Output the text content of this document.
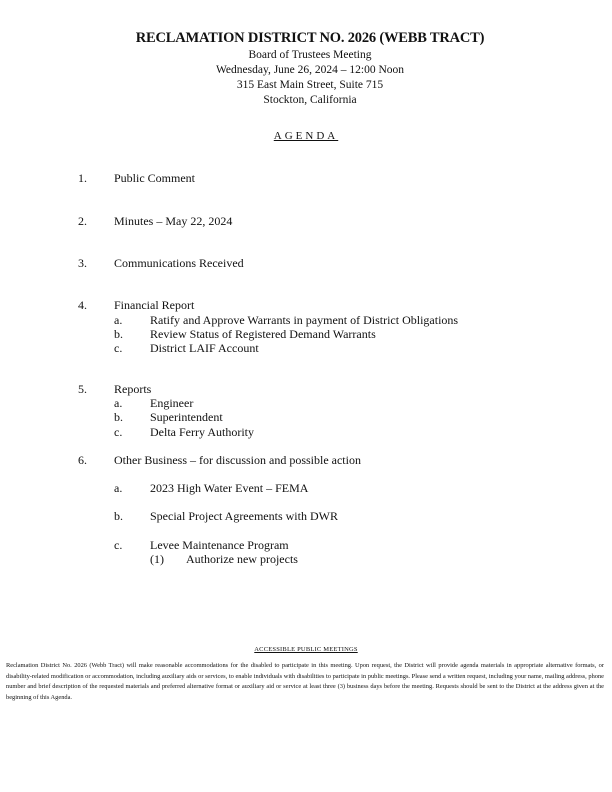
RECLAMATION DISTRICT NO. 2026 (WEBB TRACT)
Board of Trustees Meeting
Wednesday, June 26, 2024 – 12:00 Noon
315 East Main Street, Suite 715
Stockton, California
AGENDA
1. Public Comment
2. Minutes – May 22, 2024
3. Communications Received
4. Financial Report
a. Ratify and Approve Warrants in payment of District Obligations
b. Review Status of Registered Demand Warrants
c. District LAIF Account
5. Reports
a. Engineer
b. Superintendent
c. Delta Ferry Authority
6. Other Business – for discussion and possible action
a. 2023 High Water Event – FEMA
b. Special Project Agreements with DWR
c. Levee Maintenance Program
(1) Authorize new projects
ACCESSIBLE PUBLIC MEETINGS
Reclamation District No. 2026 (Webb Tract) will make reasonable accommodations for the disabled to participate in this meeting. Upon request, the District will provide agenda materials in appropriate alternative formats, or disability-related modification or accommodation, including auxiliary aids or services, to enable individuals with disabilities to participate in public meetings. Please send a written request, including your name, mailing address, phone number and brief description of the requested materials and preferred alternative format or auxiliary aid or service at least three (3) business days before the meeting. Requests should be sent to the District at the address given at the beginning of this Agenda.
